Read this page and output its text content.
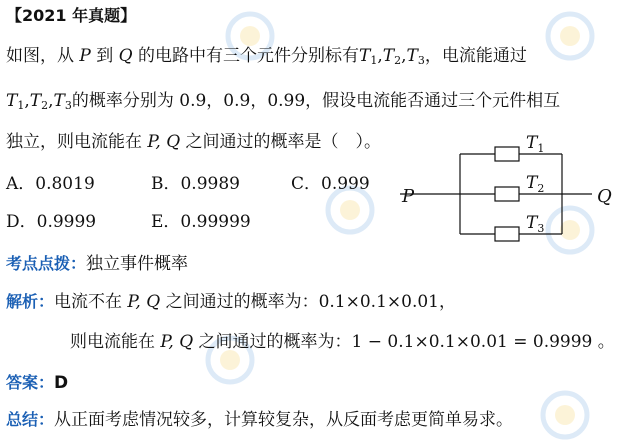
【2021 年真题】
如图，从 P 到 Q 的电路中有三个元件分别标有$T_1,T_2,T_3$，电流能通过
$T_1,T_2,T_3$的概率分别为 0.9，0.9，0.99，假设电流能否通过三个元件相互
独立，则电流能在 P, Q 之间通过的概率是（　）。
A．0.8019	B．0.9989	C．0.999
D．0.9999	E．0.99999
P	Q
$T_1$
$T_2$
$T_3$
考点点拨：独立事件概率
解析：电流不在 P, Q 之间通过的概率为：0.1×0.1×0.01，
则电流能在 P, Q 之间通过的概率为：1 − 0.1×0.1×0.01 = 0.9999 。
答案：D
总结：从正面考虑情况较多，计算较复杂，从反面考虑更简单易求。
